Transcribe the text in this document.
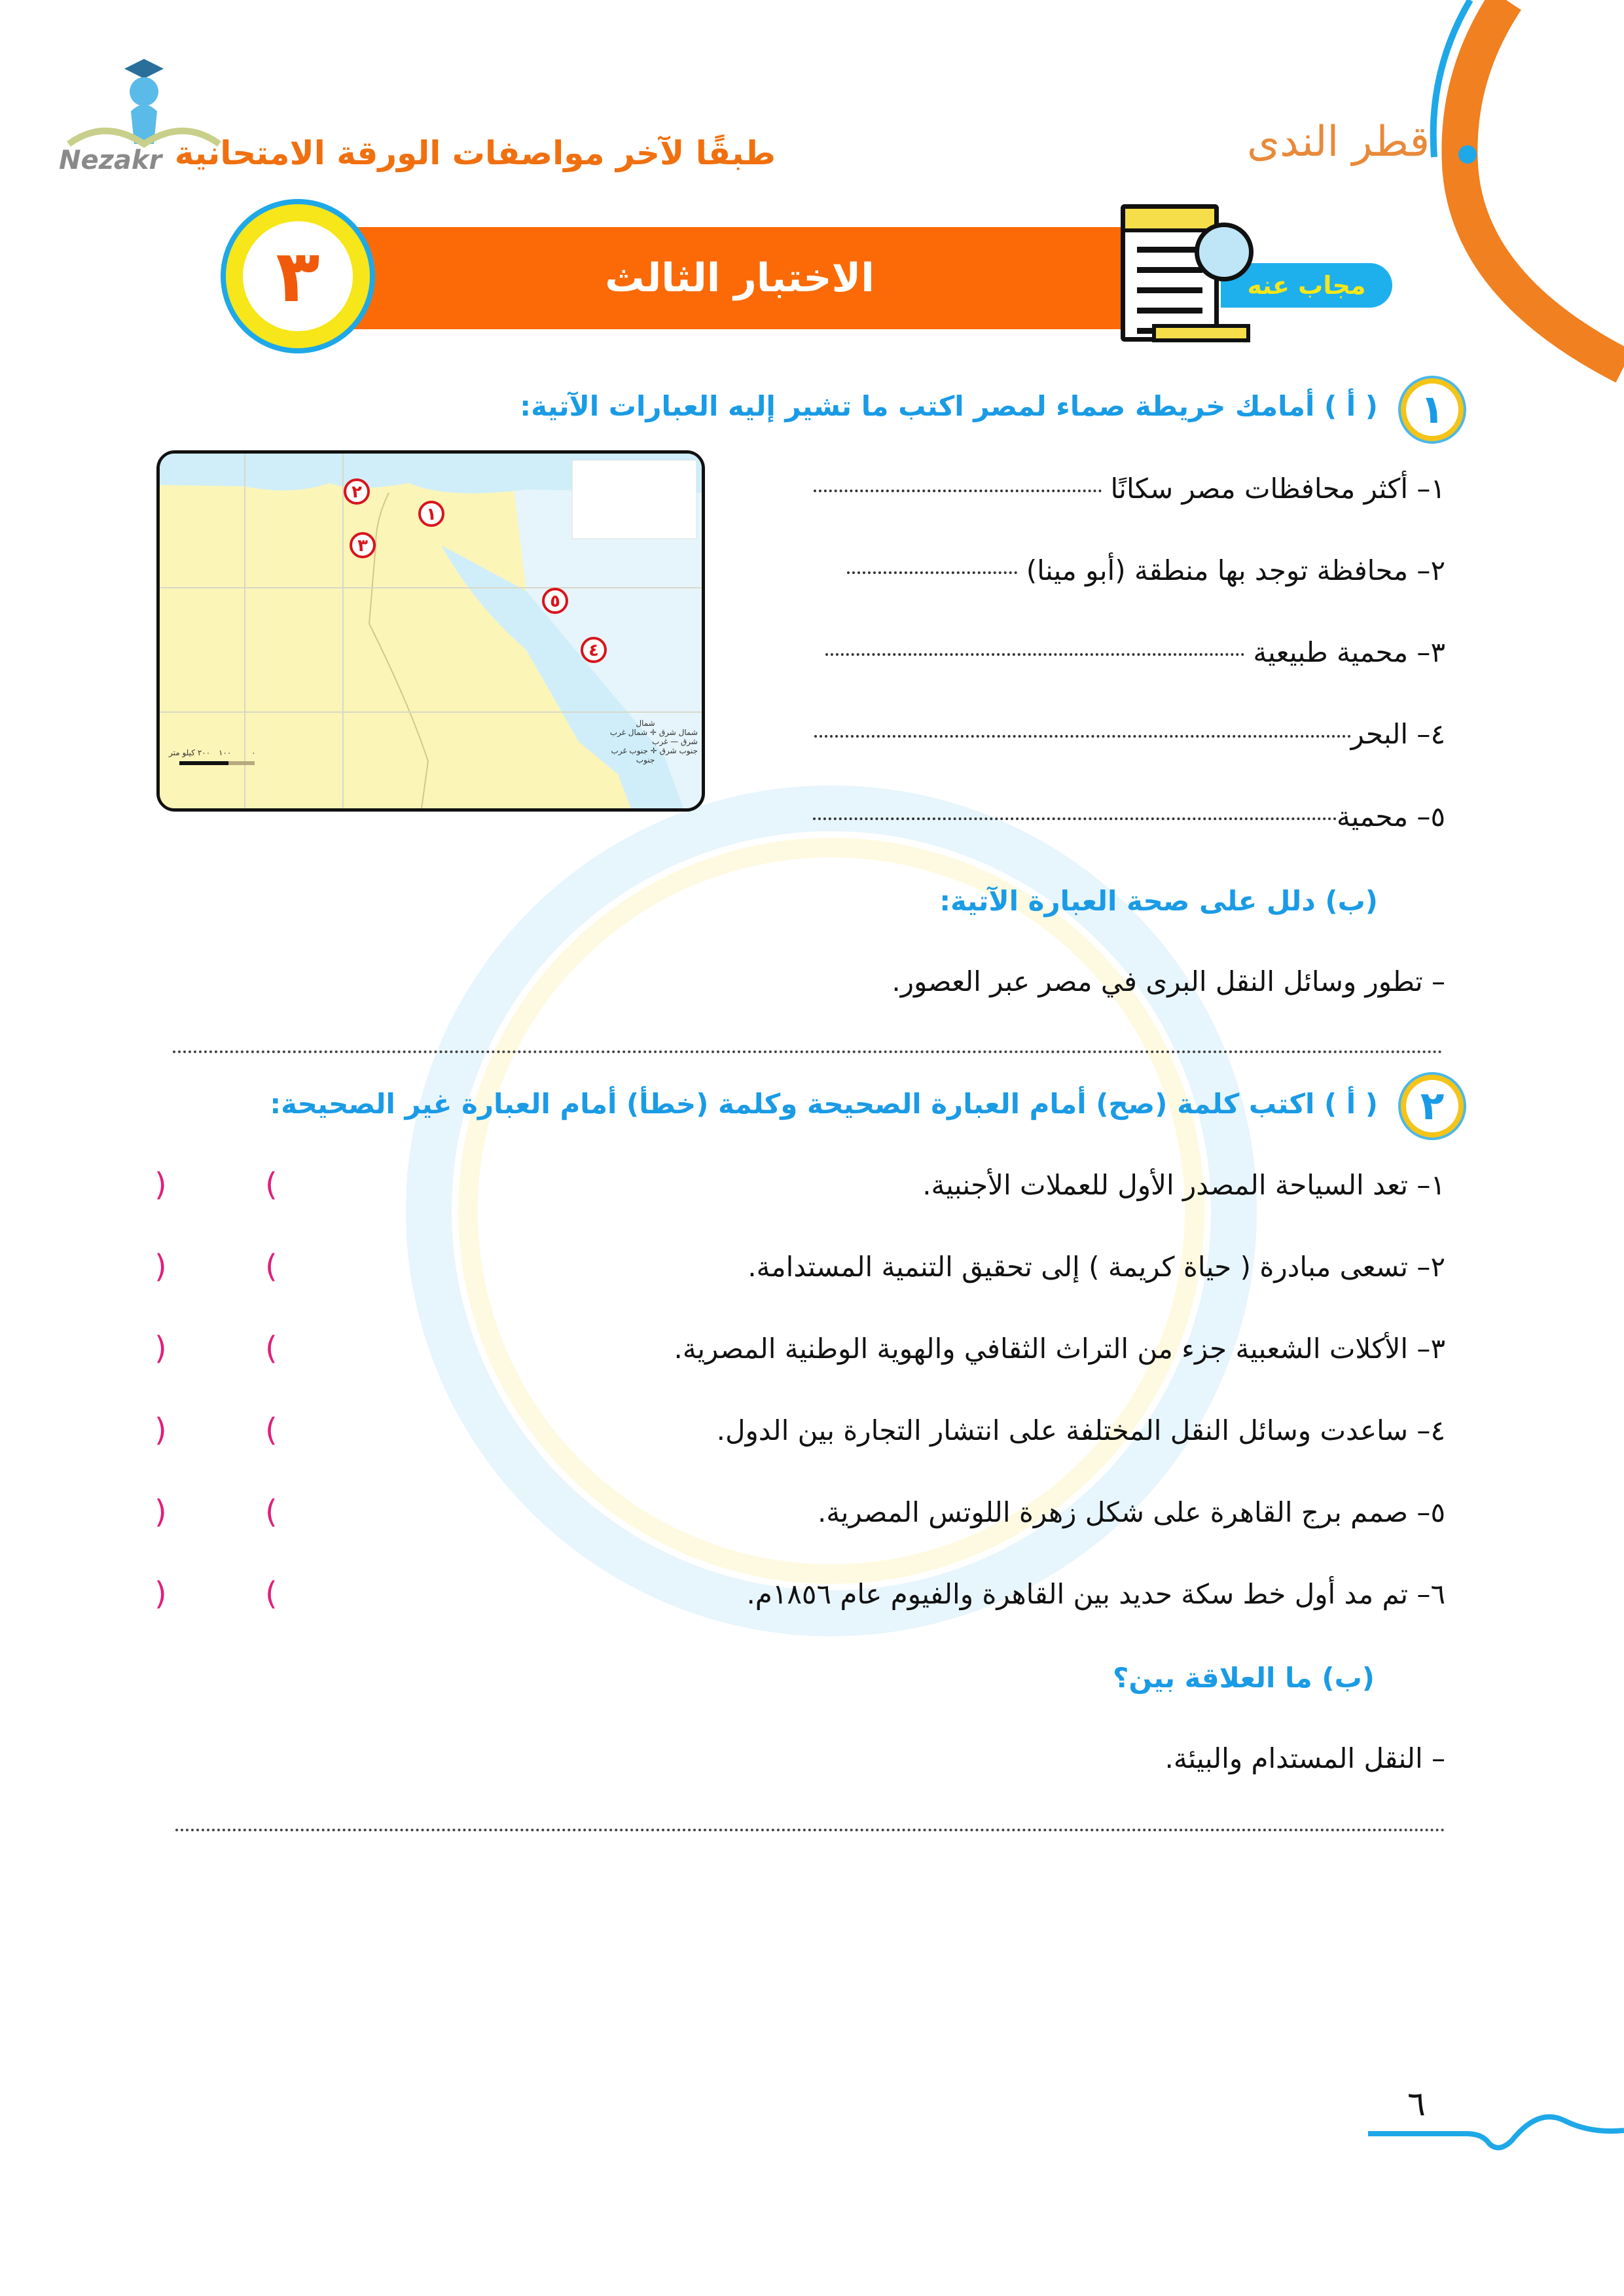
Nezakr طبقًا لآخر مواصفات الورقة الامتحانية	قطر الندى
الاختبار الثالث
٣	مجاب عنه
١
( أ ) أمامك خريطة صماء لمصر اكتب ما تشير إليه العبارات الآتية:
١
٢
٣
٤
٥
شمال
شمال شرق ✛ شمال غرب
شرق — غرب
جنوب شرق ✛ جنوب غرب
جنوب
٠
١٠٠
٢٠٠ كيلو متر
١– أكثر محافظات مصر سكانًا
٢– محافظة توجد بها منطقة (أبو مينا)
٣– محمية طبيعية
٤– البحر
٥– محمية
(ب) دلل على صحة العبارة الآتية:
– تطور وسائل النقل البرى في مصر عبر العصور.
٢
( أ ) اكتب كلمة (صح) أمام العبارة الصحيحة وكلمة (خطأ) أمام العبارة غير الصحيحة:
١– تعد السياحة المصدر الأول للعملات الأجنبية.
٢– تسعى مبادرة ( حياة كريمة ) إلى تحقيق التنمية المستدامة.
٣– الأكلات الشعبية جزء من التراث الثقافي والهوية الوطنية المصرية.
٤– ساعدت وسائل النقل المختلفة على انتشار التجارة بين الدول.
٥– صمم برج القاهرة على شكل زهرة اللوتس المصرية.
٦– تم مد أول خط سكة حديد بين القاهرة والفيوم عام ١٨٥٦م.
(
)
(
)
(
)
(
)
(
)
(
)
(ب) ما العلاقة بين؟
– النقل المستدام والبيئة.
٦
